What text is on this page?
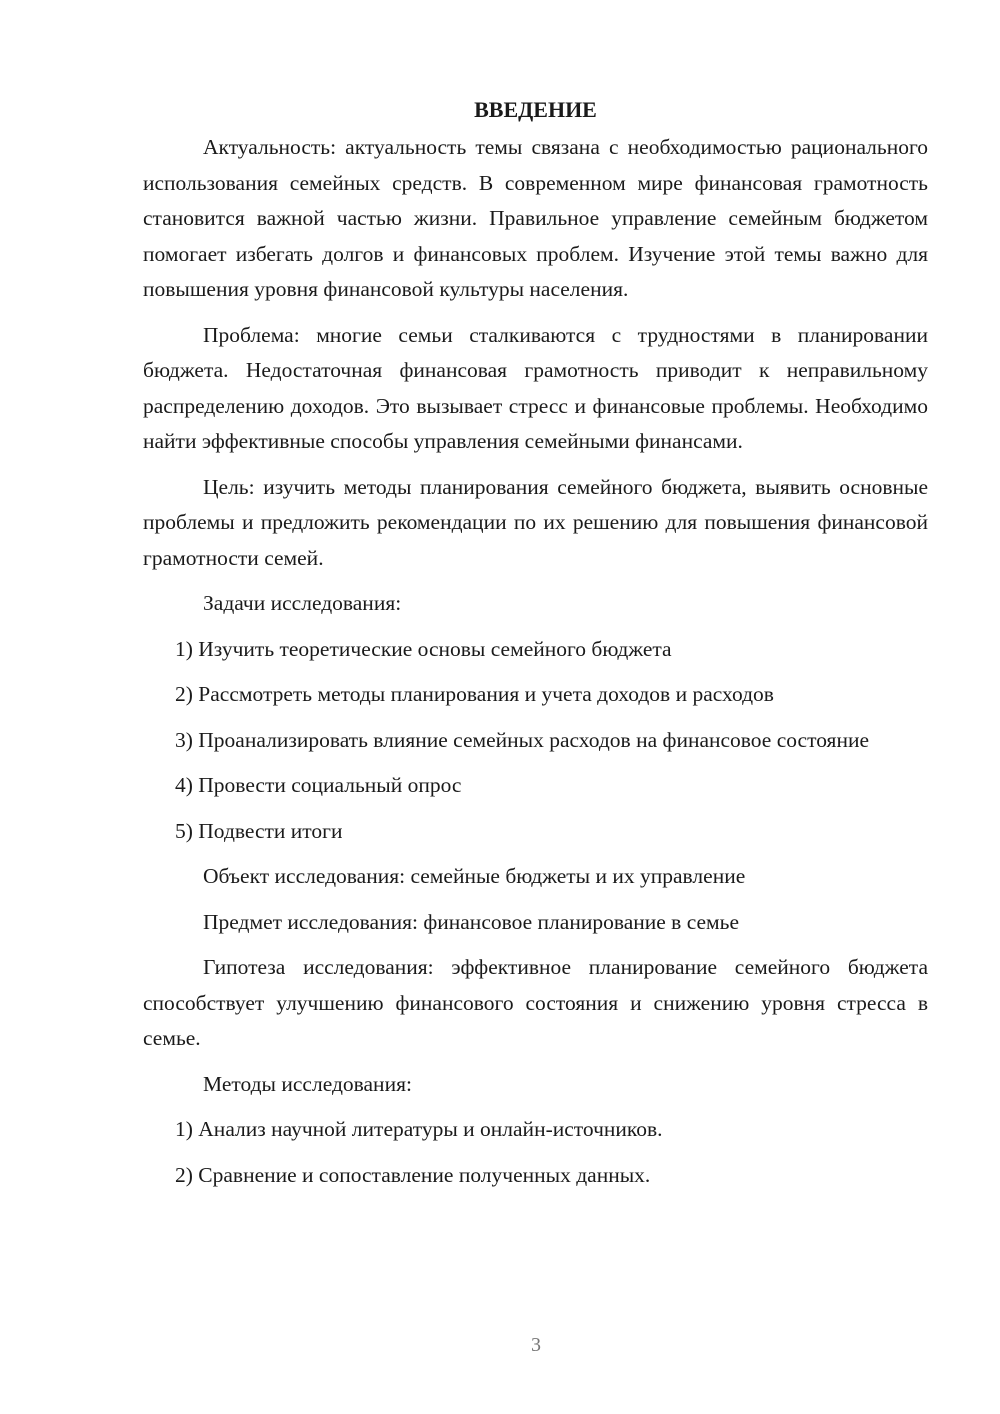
ВВЕДЕНИЕ

Актуальность: актуальность темы связана с необходимостью рационального использования семейных средств. В современном мире финансовая грамотность становится важной частью жизни. Правильное управление семейным бюджетом помогает избегать долгов и финансовых проблем. Изучение этой темы важно для повышения уровня финансовой культуры населения.

Проблема: многие семьи сталкиваются с трудностями в планировании бюджета. Недостаточная финансовая грамотность приводит к неправильному распределению доходов. Это вызывает стресс и финансовые проблемы. Необходимо найти эффективные способы управления семейными финансами.

Цель: изучить методы планирования семейного бюджета, выявить основные проблемы и предложить рекомендации по их решению для повышения финансовой грамотности семей.

Задачи исследования:

1) Изучить теоретические основы семейного бюджета

2) Рассмотреть методы планирования и учета доходов и расходов

3) Проанализировать влияние семейных расходов на финансовое состояние

4) Провести социальный опрос

5) Подвести итоги

Объект исследования: семейные бюджеты и их управление

Предмет исследования: финансовое планирование в семье

Гипотеза исследования: эффективное планирование семейного бюджета способствует улучшению финансового состояния и снижению уровня стресса в семье.

Методы исследования:

1) Анализ научной литературы и онлайн-источников.

2) Сравнение и сопоставление полученных данных.

3
